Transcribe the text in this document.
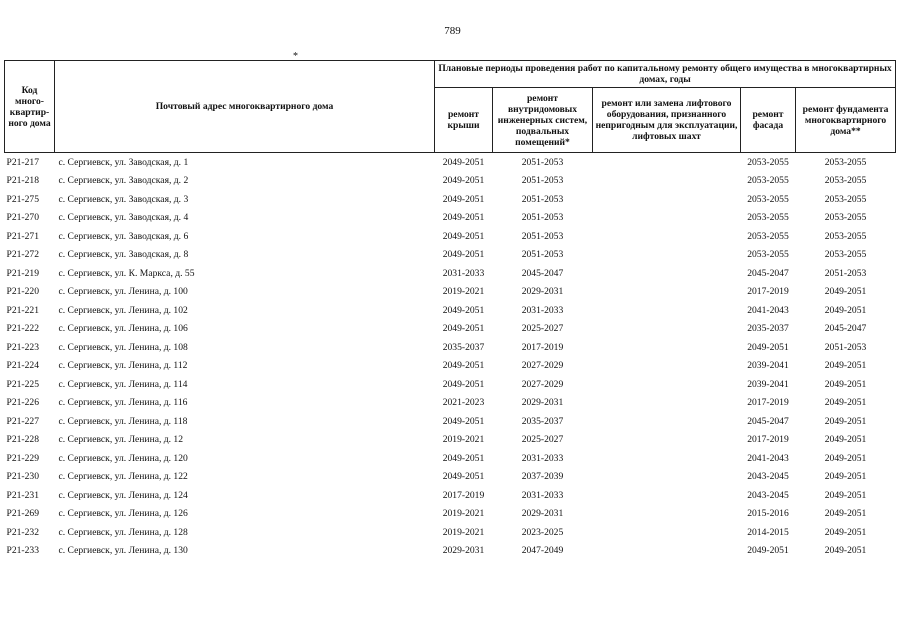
789
*
Код много-квартир-ного дома	Почтовый адрес многоквартирного дома	Плановые периоды проведения работ по капитальному ремонту общего имущества в многоквартирных домах, годы				
		ремонт крыши	ремонт внутридомовых инженерных систем, подвальных помещений*	ремонт или замена лифтового оборудования, признанного непригодным для эксплуатации, лифтовых шахт	ремонт фасада	ремонт фундамента многоквартирного дома**
Р21-217	с. Сергиевск, ул. Заводская, д. 1	2049-2051	2051-2053		2053-2055	2053-2055
Р21-218	с. Сергиевск, ул. Заводская, д. 2	2049-2051	2051-2053		2053-2055	2053-2055
Р21-275	с. Сергиевск, ул. Заводская, д. 3	2049-2051	2051-2053		2053-2055	2053-2055
Р21-270	с. Сергиевск, ул. Заводская, д. 4	2049-2051	2051-2053		2053-2055	2053-2055
Р21-271	с. Сергиевск, ул. Заводская, д. 6	2049-2051	2051-2053		2053-2055	2053-2055
Р21-272	с. Сергиевск, ул. Заводская, д. 8	2049-2051	2051-2053		2053-2055	2053-2055
Р21-219	с. Сергиевск, ул. К. Маркса, д. 55	2031-2033	2045-2047		2045-2047	2051-2053
Р21-220	с. Сергиевск, ул. Ленина, д. 100	2019-2021	2029-2031		2017-2019	2049-2051
Р21-221	с. Сергиевск, ул. Ленина, д. 102	2049-2051	2031-2033		2041-2043	2049-2051
Р21-222	с. Сергиевск, ул. Ленина, д. 106	2049-2051	2025-2027		2035-2037	2045-2047
Р21-223	с. Сергиевск, ул. Ленина, д. 108	2035-2037	2017-2019		2049-2051	2051-2053
Р21-224	с. Сергиевск, ул. Ленина, д. 112	2049-2051	2027-2029		2039-2041	2049-2051
Р21-225	с. Сергиевск, ул. Ленина, д. 114	2049-2051	2027-2029		2039-2041	2049-2051
Р21-226	с. Сергиевск, ул. Ленина, д. 116	2021-2023	2029-2031		2017-2019	2049-2051
Р21-227	с. Сергиевск, ул. Ленина, д. 118	2049-2051	2035-2037		2045-2047	2049-2051
Р21-228	с. Сергиевск, ул. Ленина, д. 12	2019-2021	2025-2027		2017-2019	2049-2051
Р21-229	с. Сергиевск, ул. Ленина, д. 120	2049-2051	2031-2033		2041-2043	2049-2051
Р21-230	с. Сергиевск, ул. Ленина, д. 122	2049-2051	2037-2039		2043-2045	2049-2051
Р21-231	с. Сергиевск, ул. Ленина, д. 124	2017-2019	2031-2033		2043-2045	2049-2051
Р21-269	с. Сергиевск, ул. Ленина, д. 126	2019-2021	2029-2031		2015-2016	2049-2051
Р21-232	с. Сергиевск, ул. Ленина, д. 128	2019-2021	2023-2025		2014-2015	2049-2051
Р21-233	с. Сергиевск, ул. Ленина, д. 130	2029-2031	2047-2049		2049-2051	2049-2051
